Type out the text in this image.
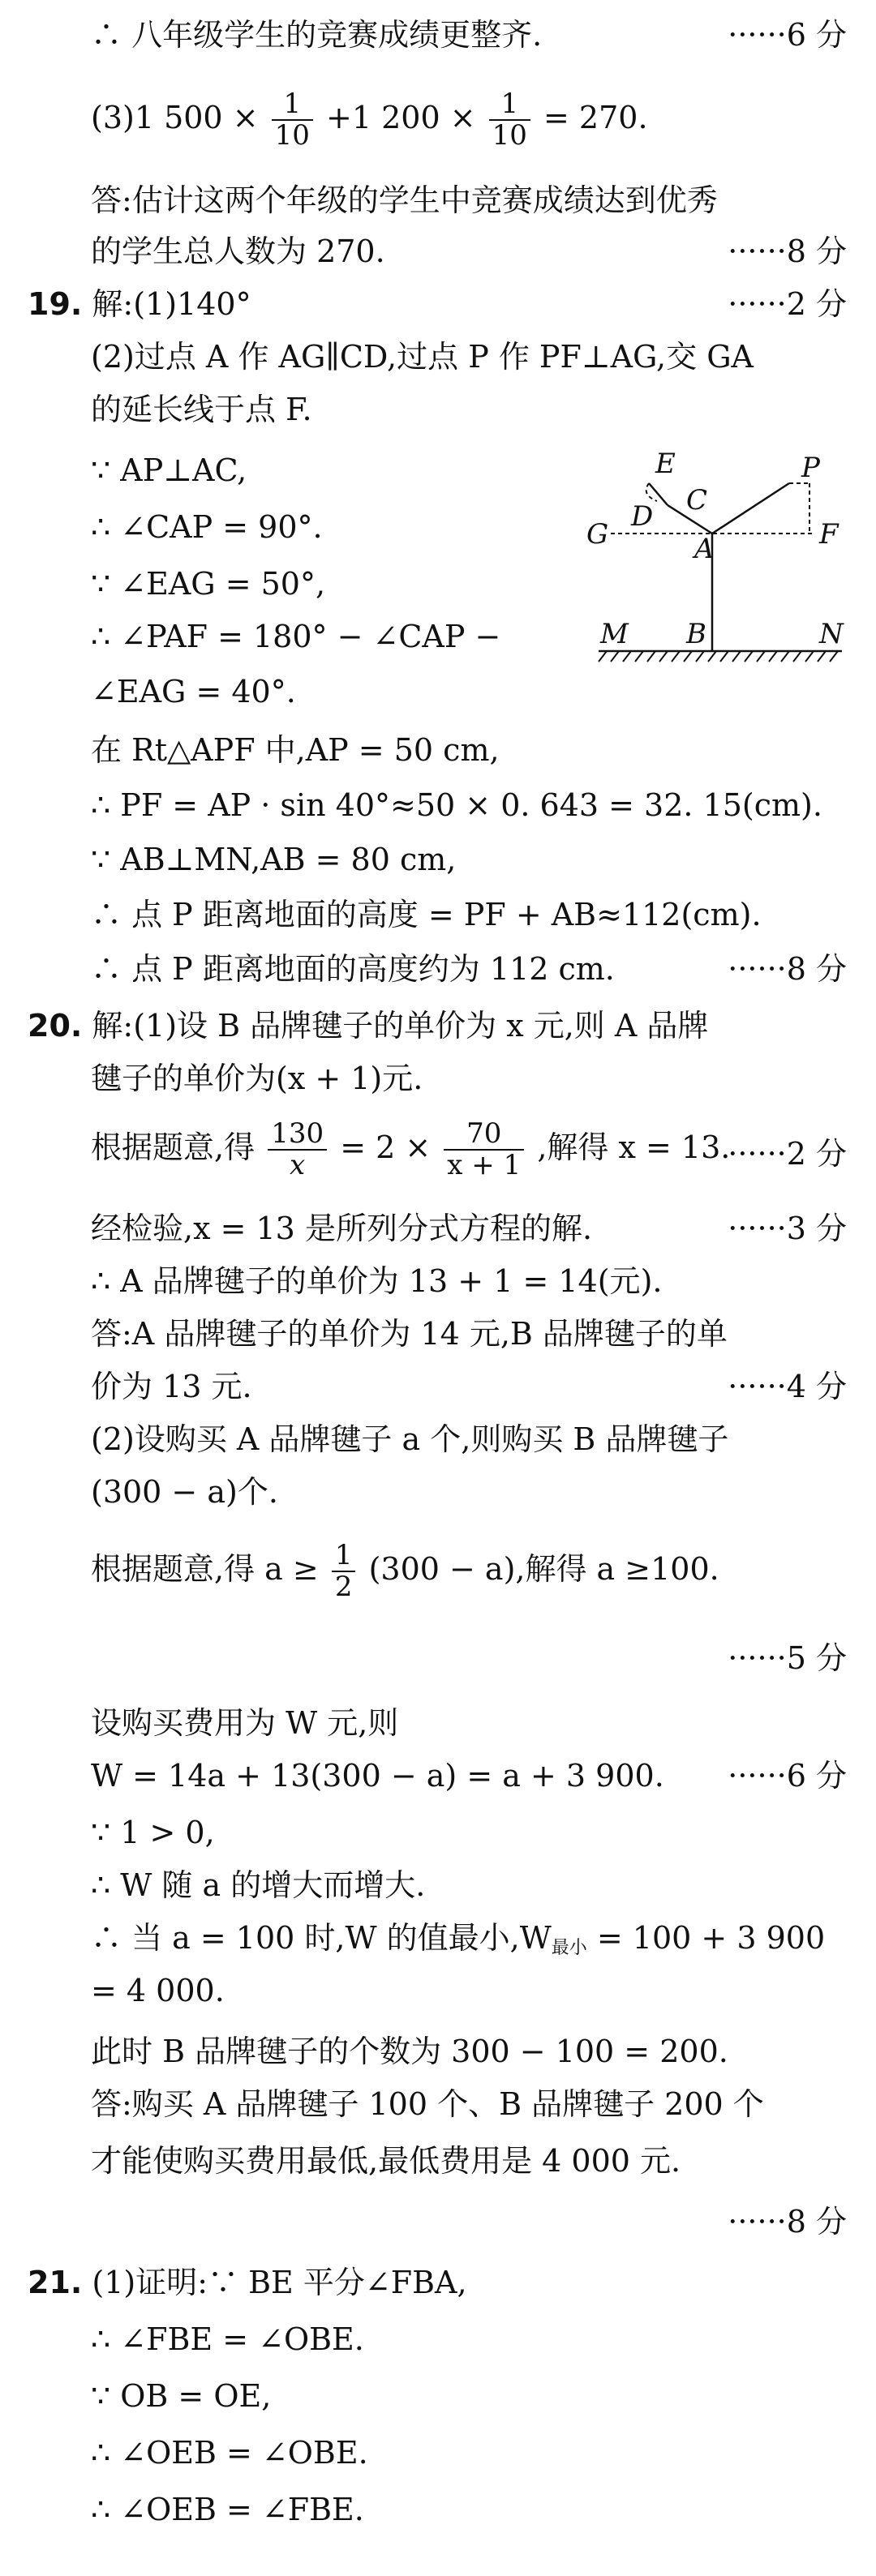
∴ 八年级学生的竞赛成绩更整齐.	······6 分
(3)1 $500 \times \frac{1}{10} +1$ $200 \times \frac{1}{10} = 270$.
答:估计这两个年级的学生中竞赛成绩达到优秀
的学生总人数为 270.	······8 分
19. 解:(1)140°	······2 分
(2)过点 A 作 AG∥CD,过点 P 作 PF⊥AG,交 GA
的延长线于点 F.
∵ AP⊥AC,
∴ ∠CAP = 90°.
∵ ∠EAG = 50°,
∴ ∠PAF = 180° − ∠CAP −
∠EAG = 40°.
在 Rt△APF 中,AP = 50 cm,
∴ PF = AP · sin 40°≈50 × 0. 643 = 32. 15(cm).
∵ AB⊥MN,AB = 80 cm,
∴ 点 P 距离地面的高度 = PF + AB≈112(cm).
∴ 点 P 距离地面的高度约为 112 cm.	······8 分
20. 解:(1)设 B 品牌毽子的单价为 x 元,则 A 品牌
毽子的单价为(x + 1)元.
根据题意,得 $\frac{130}{x} = 2 \times \frac{70}{x + 1}$ ,解得 x = 13.
······2 分
经检验,x = 13 是所列分式方程的解.	······3 分
∴ A 品牌毽子的单价为 13 + 1 = 14(元).
答:A 品牌毽子的单价为 14 元,B 品牌毽子的单
价为 13 元.	······4 分
(2)设购买 A 品牌毽子 a 个,则购买 B 品牌毽子
(300 − a)个.
根据题意,得 $a \ge \frac{1}{2} (300 - a)$,解得 a ≥100.
······5 分
设购买费用为 W 元,则
W = 14a + 13(300 − a) = a + 3 900. ······6 分
∵ 1 > 0,
∴ W 随 a 的增大而增大.
∴ 当 a = 100 时,W 的值最小$,W_{最小} = 100 + 3$ 900
= 4 000.
此时 B 品牌毽子的个数为 300 − 100 = 200.
答:购买 A 品牌毽子 100 个、B 品牌毽子 200 个
才能使购买费用最低,最低费用是 4 000 元.
······8 分
21. (1)证明:∵ BE 平分∠FBA,
∴ ∠FBE = ∠OBE.
∵ OB = OE,
∴ ∠OEB = ∠OBE.
∴ ∠OEB = ∠FBE.
E
C
P
D
G	A	F
M B	N
